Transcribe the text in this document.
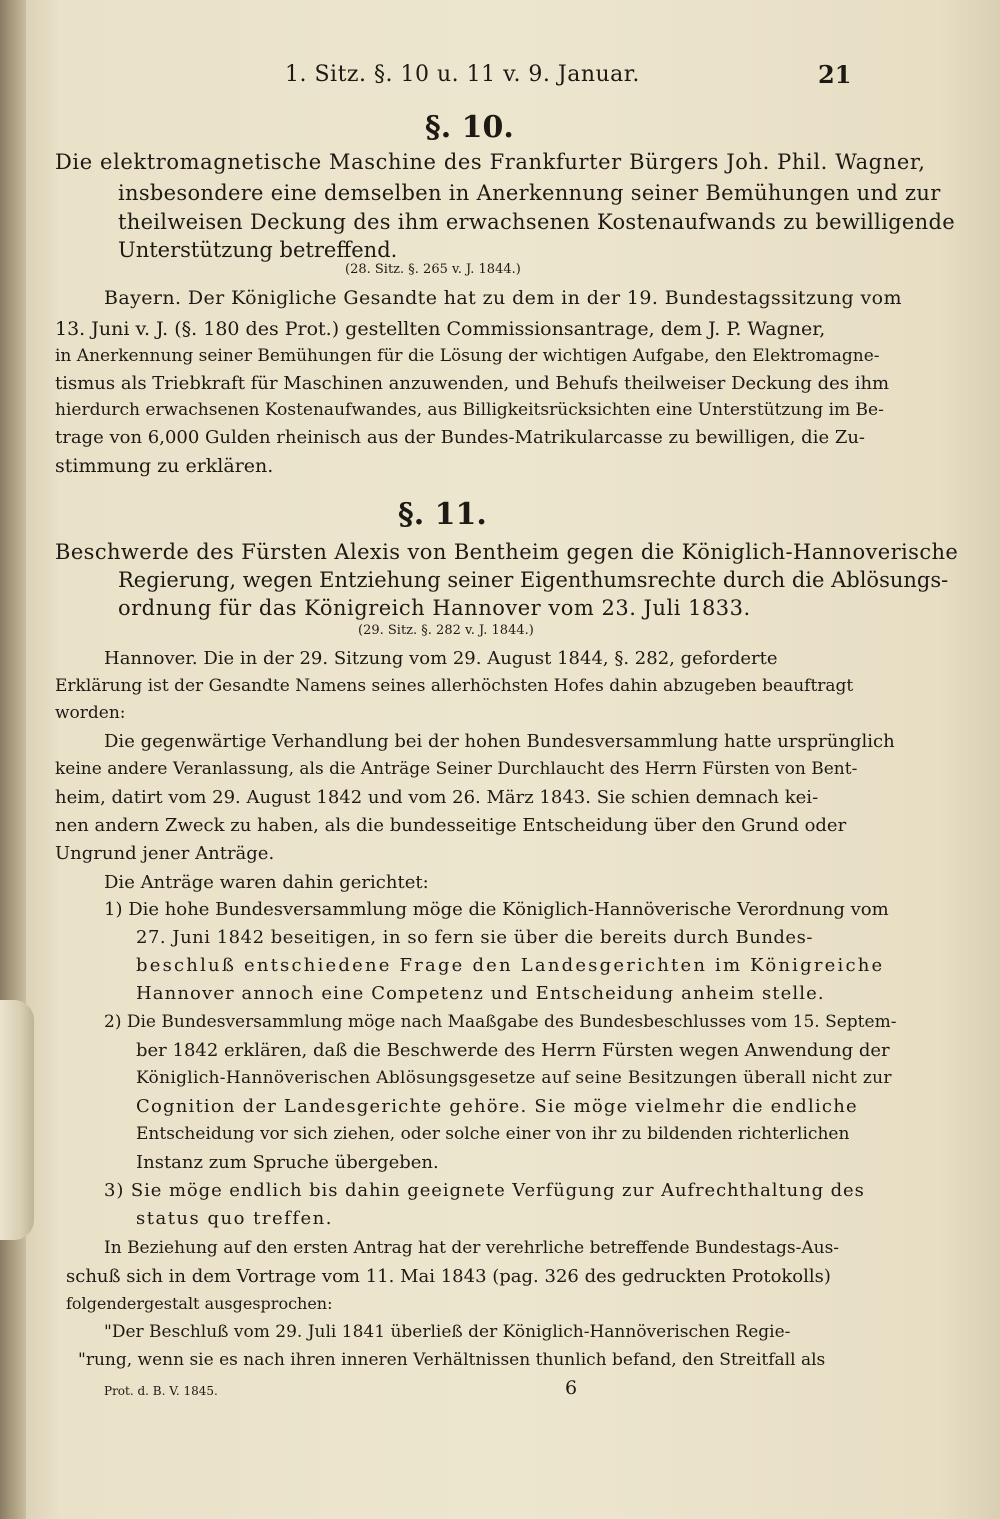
1. Sitz. §. 10 u. 11 v. 9. Januar.	21
§. 10.
Die elektromagnetische Maschine des Frankfurter Bürgers Joh. Phil. Wagner,
insbesondere eine demselben in Anerkennung seiner Bemühungen und zur
theilweisen Deckung des ihm erwachsenen Kostenaufwands zu bewilligende
Unterstützung betreffend.
(28. Sitz. §. 265 v. J. 1844.)
Bayern. Der Königliche Gesandte hat zu dem in der 19. Bundestagssitzung vom
13. Juni v. J. (§. 180 des Prot.) gestellten Commissionsantrage, dem J. P. Wagner,
in Anerkennung seiner Bemühungen für die Lösung der wichtigen Aufgabe, den Elektromagne-
tismus als Triebkraft für Maschinen anzuwenden, und Behufs theilweiser Deckung des ihm
hierdurch erwachsenen Kostenaufwandes, aus Billigkeitsrücksichten eine Unterstützung im Be-
trage von 6,000 Gulden rheinisch aus der Bundes-Matrikularcasse zu bewilligen, die Zu-
stimmung zu erklären.
§. 11.
Beschwerde des Fürsten Alexis von Bentheim gegen die Königlich-Hannoverische
Regierung, wegen Entziehung seiner Eigenthumsrechte durch die Ablösungs-
ordnung für das Königreich Hannover vom 23. Juli 1833.
(29. Sitz. §. 282 v. J. 1844.)
Hannover. Die in der 29. Sitzung vom 29. August 1844, §. 282, geforderte
Erklärung ist der Gesandte Namens seines allerhöchsten Hofes dahin abzugeben beauftragt
worden:
Die gegenwärtige Verhandlung bei der hohen Bundesversammlung hatte ursprünglich
keine andere Veranlassung, als die Anträge Seiner Durchlaucht des Herrn Fürsten von Bent-
heim, datirt vom 29. August 1842 und vom 26. März 1843. Sie schien demnach kei-
nen andern Zweck zu haben, als die bundesseitige Entscheidung über den Grund oder
Ungrund jener Anträge.
Die Anträge waren dahin gerichtet:
1) Die hohe Bundesversammlung möge die Königlich-Hannöverische Verordnung vom
27. Juni 1842 beseitigen, in so fern sie über die bereits durch Bundes-
beschluß entschiedene Frage den Landesgerichten im Königreiche
Hannover annoch eine Competenz und Entscheidung anheim stelle.
2) Die Bundesversammlung möge nach Maaßgabe des Bundesbeschlusses vom 15. Septem-
ber 1842 erklären, daß die Beschwerde des Herrn Fürsten wegen Anwendung der
Königlich-Hannöverischen Ablösungsgesetze auf seine Besitzungen überall nicht zur
Cognition der Landesgerichte gehöre. Sie möge vielmehr die endliche
Entscheidung vor sich ziehen, oder solche einer von ihr zu bildenden richterlichen
Instanz zum Spruche übergeben.
3) Sie möge endlich bis dahin geeignete Verfügung zur Aufrechthaltung des
status quo treffen.
In Beziehung auf den ersten Antrag hat der verehrliche betreffende Bundestags-Aus-
schuß sich in dem Vortrage vom 11. Mai 1843 (pag. 326 des gedruckten Protokolls)
folgendergestalt ausgesprochen:
"Der Beschluß vom 29. Juli 1841 überließ der Königlich-Hannöverischen Regie-
"rung, wenn sie es nach ihren inneren Verhältnissen thunlich befand, den Streitfall als
Prot. d. B. V. 1845.	6
